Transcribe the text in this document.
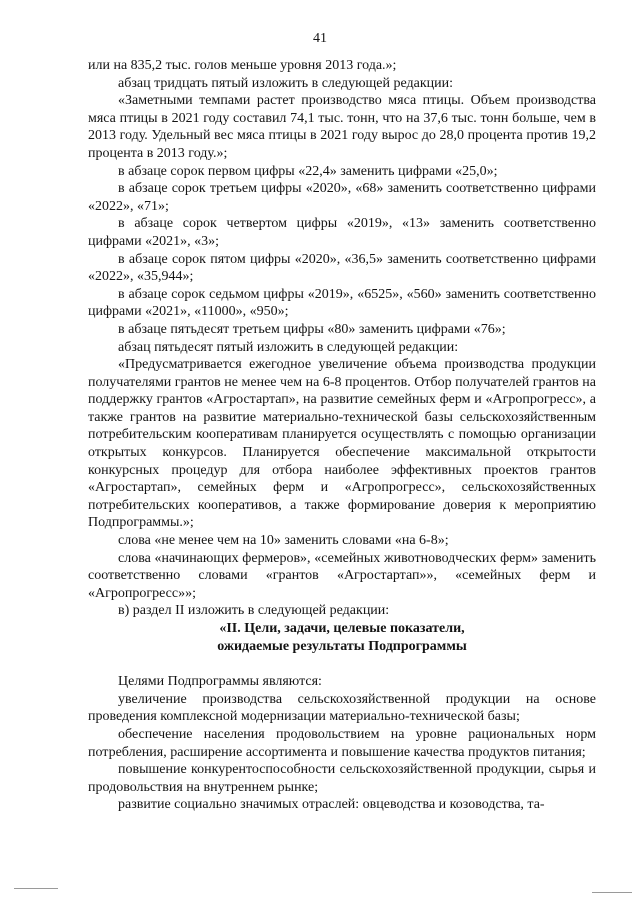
41

или на 835,2 тыс. голов меньше уровня 2013 года.»;

абзац тридцать пятый изложить в следующей редакции:

«Заметными темпами растет производство мяса птицы. Объем производства мяса птицы в 2021 году составил 74,1 тыс. тонн, что на 37,6 тыс. тонн больше, чем в 2013 году. Удельный вес мяса птицы в 2021 году вырос до 28,0 процента против 19,2 процента в 2013 году.»;

в абзаце сорок первом цифры «22,4» заменить цифрами «25,0»;

в абзаце сорок третьем цифры «2020», «68» заменить соответственно цифрами «2022», «71»;

в абзаце сорок четвертом цифры «2019», «13» заменить соответственно цифрами «2021», «3»;

в абзаце сорок пятом цифры «2020», «36,5» заменить соответственно цифрами «2022», «35,944»;

в абзаце сорок седьмом цифры «2019», «6525», «560» заменить соответственно цифрами «2021», «11000», «950»;

в абзаце пятьдесят третьем цифры «80» заменить цифрами «76»;

абзац пятьдесят пятый изложить в следующей редакции:

«Предусматривается ежегодное увеличение объема производства продукции получателями грантов не менее чем на 6-8 процентов. Отбор получателей грантов на поддержку грантов «Агростартап», на развитие семейных ферм и «Агропрогресс», а также грантов на развитие материально-технической базы сельскохозяйственным потребительским кооперативам планируется осуществлять с помощью организации открытых конкурсов. Планируется обеспечение максимальной открытости конкурсных процедур для отбора наиболее эффективных проектов грантов «Агростартап», семейных ферм и «Агропрогресс», сельскохозяйственных потребительских кооперативов, а также формирование доверия к мероприятию Подпрограммы.»;

слова «не менее чем на 10» заменить словами «на 6-8»;

слова «начинающих фермеров», «семейных животноводческих ферм» заменить соответственно словами «грантов «Агростартап»», «семейных ферм и «Агропрогресс»»;

в) раздел II изложить в следующей редакции:

«II. Цели, задачи, целевые показатели,

ожидаемые результаты Подпрограммы

Целями Подпрограммы являются:

увеличение производства сельскохозяйственной продукции на основе проведения комплексной модернизации материально-технической базы;

обеспечение населения продовольствием на уровне рациональных норм потребления, расширение ассортимента и повышение качества продуктов питания;

повышение конкурентоспособности сельскохозяйственной продукции, сырья и продовольствия на внутреннем рынке;

развитие социально значимых отраслей: овцеводства и козоводства, та-
